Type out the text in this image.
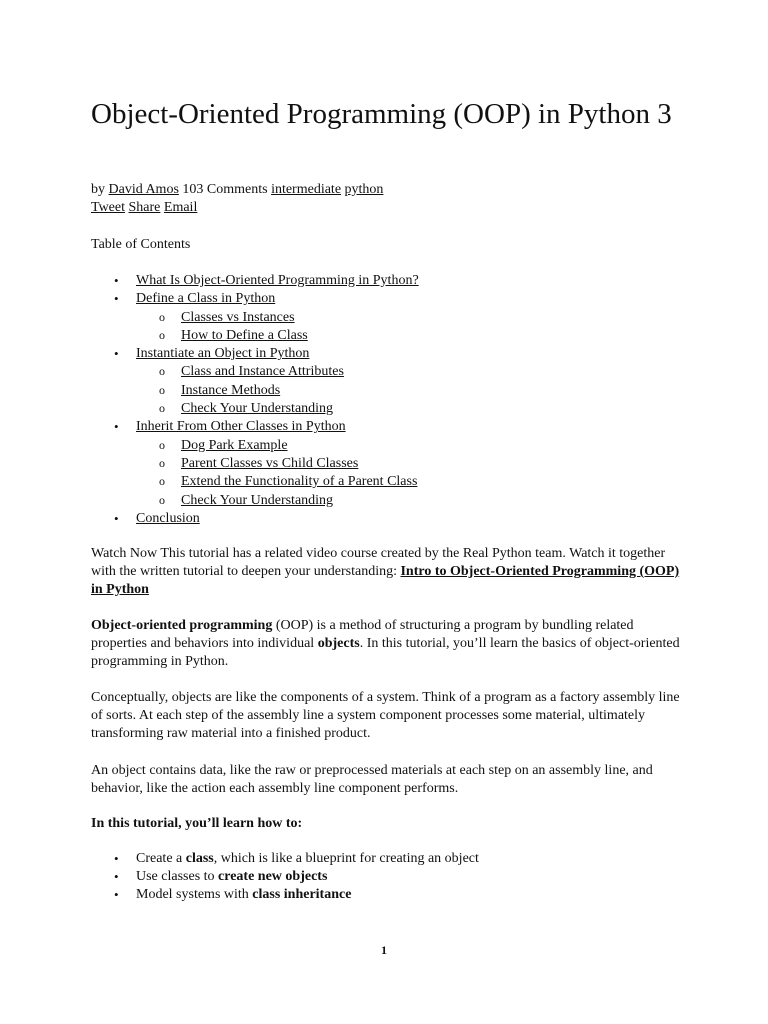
Object-Oriented Programming (OOP) in Python 3
by David Amos 103 Comments intermediate python
Tweet Share Email
Table of Contents
• What Is Object-Oriented Programming in Python?
• Define a Class in Python
o Classes vs Instances
o How to Define a Class
• Instantiate an Object in Python
o Class and Instance Attributes
o Instance Methods
o Check Your Understanding
• Inherit From Other Classes in Python
o Dog Park Example
o Parent Classes vs Child Classes
o Extend the Functionality of a Parent Class
o Check Your Understanding
• Conclusion

Watch Now This tutorial has a related video course created by the Real Python team. Watch it together with the written tutorial to deepen your understanding: Intro to Object-Oriented Programming (OOP) in Python

Object-oriented programming (OOP) is a method of structuring a program by bundling related properties and behaviors into individual objects. In this tutorial, you’ll learn the basics of object-oriented programming in Python.

Conceptually, objects are like the components of a system. Think of a program as a factory assembly line of sorts. At each step of the assembly line a system component processes some material, ultimately transforming raw material into a finished product.

An object contains data, like the raw or preprocessed materials at each step on an assembly line, and behavior, like the action each assembly line component performs.

In this tutorial, you’ll learn how to:

• Create a class, which is like a blueprint for creating an object
• Use classes to create new objects
• Model systems with class inheritance
1
